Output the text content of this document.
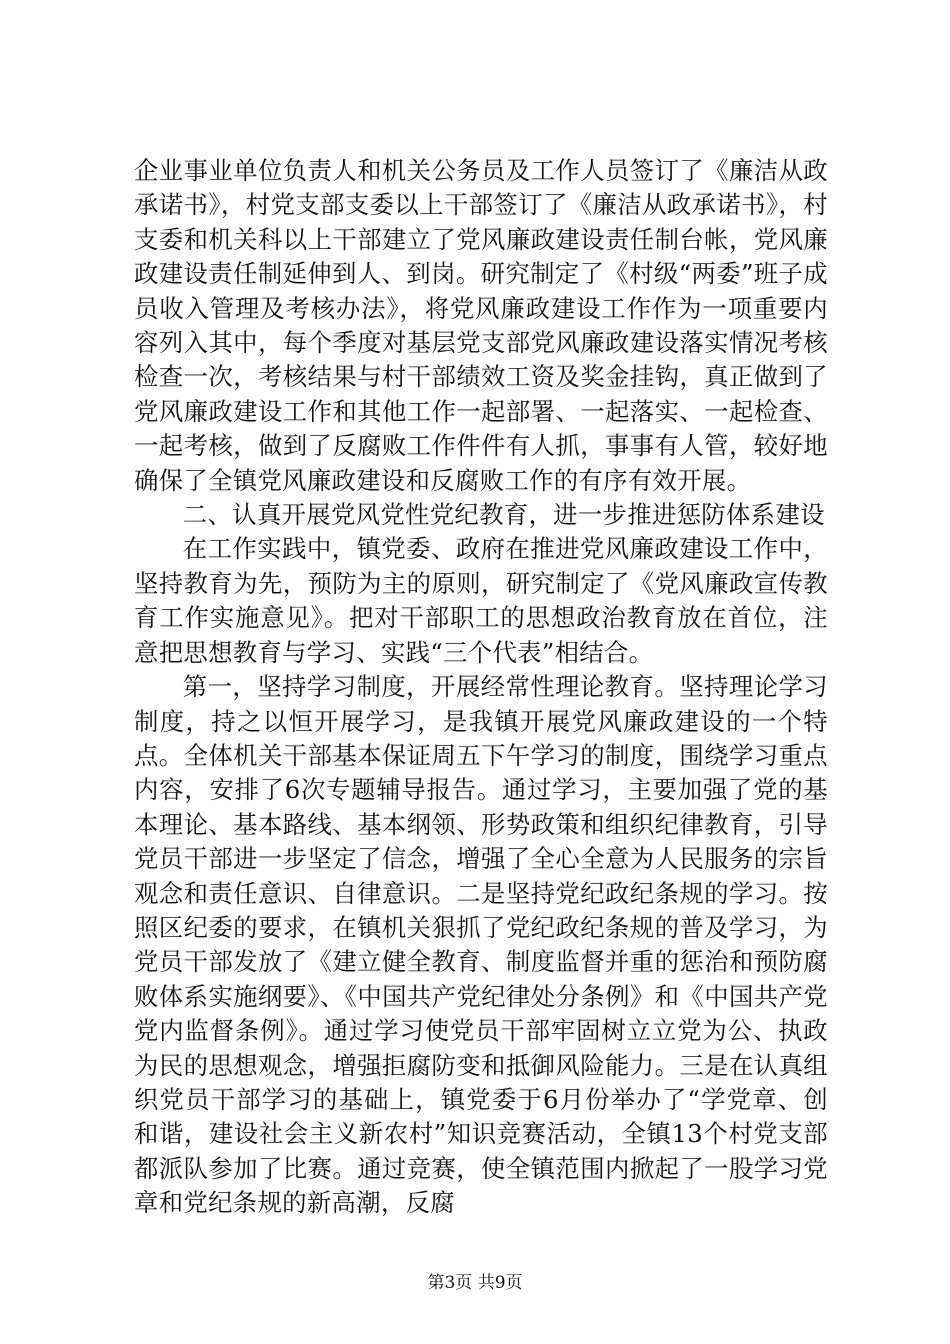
企业事业单位负责人和机关公务员及工作人员签订了《廉洁从政承诺书》，村党支部支委以上干部签订了《廉洁从政承诺书》，村支委和机关科以上干部建立了党风廉政建设责任制台帐，党风廉政建设责任制延伸到人、到岗。研究制定了《村级“两委”班子成员收入管理及考核办法》，将党风廉政建设工作作为一项重要内容列入其中，每个季度对基层党支部党风廉政建设落实情况考核检查一次，考核结果与村干部绩效工资及奖金挂钩，真正做到了党风廉政建设工作和其他工作一起部署、一起落实、一起检查、一起考核，做到了反腐败工作件件有人抓，事事有人管，较好地确保了全镇党风廉政建设和反腐败工作的有序有效开展。

二、认真开展党风党性党纪教育，进一步推进惩防体系建设

在工作实践中，镇党委、政府在推进党风廉政建设工作中，坚持教育为先，预防为主的原则，研究制定了《党风廉政宣传教育工作实施意见》。把对干部职工的思想政治教育放在首位，注意把思想教育与学习、实践“三个代表”相结合。

第一，坚持学习制度，开展经常性理论教育。坚持理论学习制度，持之以恒开展学习，是我镇开展党风廉政建设的一个特点。全体机关干部基本保证周五下午学习的制度，围绕学习重点内容，安排了6次专题辅导报告。通过学习，主要加强了党的基本理论、基本路线、基本纲领、形势政策和组织纪律教育，引导党员干部进一步坚定了信念，增强了全心全意为人民服务的宗旨观念和责任意识、自律意识。二是坚持党纪政纪条规的学习。按照区纪委的要求，在镇机关狠抓了党纪政纪条规的普及学习，为党员干部发放了《建立健全教育、制度监督并重的惩治和预防腐败体系实施纲要》、《中国共产党纪律处分条例》和《中国共产党党内监督条例》。通过学习使党员干部牢固树立立党为公、执政为民的思想观念，增强拒腐防变和抵御风险能力。三是在认真组织党员干部学习的基础上，镇党委于6月份举办了“学党章、创和谐，建设社会主义新农村”知识竞赛活动，全镇13个村党支部都派队参加了比赛。通过竞赛，使全镇范围内掀起了一股学习党章和党纪条规的新高潮，反腐

第3页 共9页
